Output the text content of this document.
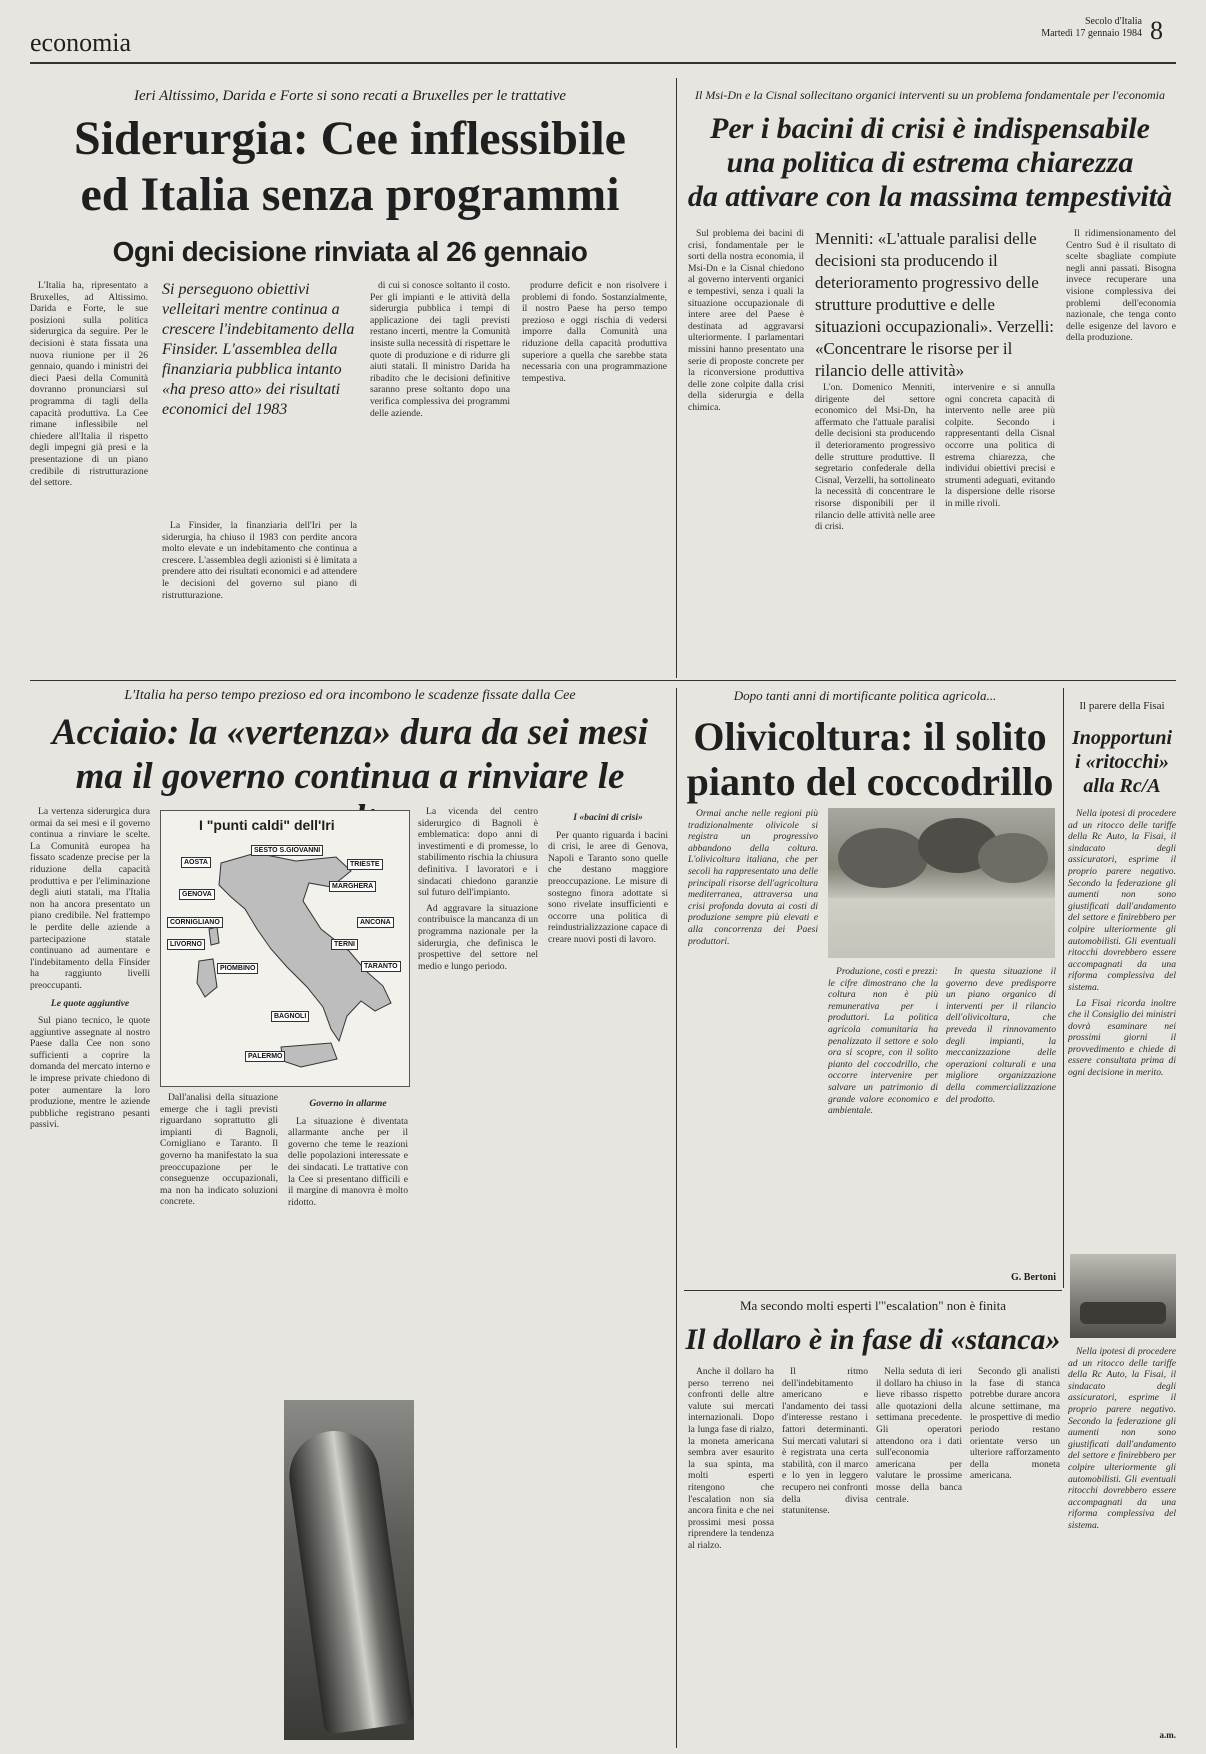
economia
Secolo d'Italia
Martedì 17 gennaio 1984 8
Ieri Altissimo, Darida e Forte si sono recati a Bruxelles per le trattative
Siderurgia: Cee inflessibile
ed Italia senza programmi
Ogni decisione rinviata al 26 gennaio

L'Italia ha, ripresentato a Bruxelles, ad Altissimo. Darida e Forte, le sue posizioni sulla politica siderurgica da seguire. Per le decisioni è stata fissata una nuova riunione per il 26 gennaio, quando i ministri dei dieci Paesi della Comunità dovranno pronunciarsi sul programma di tagli della capacità produttiva. La Cee rimane inflessibile nel chiedere all'Italia il rispetto degli impegni già presi e la presentazione di un piano credibile di ristrutturazione del settore.

Si perseguono obiettivi velleitari mentre continua a crescere l'indebitamento della Finsider. L'assemblea della finanziaria pubblica intanto «ha preso atto» dei risultati economici del 1983

La Finsider, la finanziaria dell'Iri per la siderurgia, ha chiuso il 1983 con perdite ancora molto elevate e un indebitamento che continua a crescere. L'assemblea degli azionisti si è limitata a prendere atto dei risultati economici e ad attendere le decisioni del governo sul piano di ristrutturazione.

di cui si conosce soltanto il costo. Per gli impianti e le attività della siderurgia pubblica i tempi di applicazione dei tagli previsti restano incerti, mentre la Comunità insiste sulla necessità di rispettare le quote di produzione e di ridurre gli aiuti statali. Il ministro Darida ha ribadito che le decisioni definitive saranno prese soltanto dopo una verifica complessiva dei programmi delle aziende.

produrre deficit e non risolvere i problemi di fondo. Sostanzialmente, il nostro Paese ha perso tempo prezioso e oggi rischia di vedersi imporre dalla Comunità una riduzione della capacità produttiva superiore a quella che sarebbe stata necessaria con una programmazione tempestiva.

Il Msi-Dn e la Cisnal sollecitano organici interventi su un problema fondamentale per l'economia
Per i bacini di crisi è indispensabile
una politica di estrema chiarezza
da attivare con la massima tempestività

Sul problema dei bacini di crisi, fondamentale per le sorti della nostra economia, il Msi-Dn e la Cisnal chiedono al governo interventi organici e tempestivi, senza i quali la situazione occupazionale di intere aree del Paese è destinata ad aggravarsi ulteriormente. I parlamentari missini hanno presentato una serie di proposte concrete per la riconversione produttiva delle zone colpite dalla crisi della siderurgia e della chimica.

Menniti: «L'attuale paralisi delle decisioni sta producendo il deterioramento progressivo delle strutture produttive e delle situazioni occupazionali». Verzelli: «Concentrare le risorse per il rilancio delle attività»

L'on. Domenico Menniti, dirigente del settore economico del Msi-Dn, ha affermato che l'attuale paralisi delle decisioni sta producendo il deterioramento progressivo delle strutture produttive. Il segretario confederale della Cisnal, Verzelli, ha sottolineato la necessità di concentrare le risorse disponibili per il rilancio delle attività nelle aree di crisi.

intervenire e si annulla ogni concreta capacità di intervento nelle aree più colpite. Secondo i rappresentanti della Cisnal occorre una politica di estrema chiarezza, che individui obiettivi precisi e strumenti adeguati, evitando la dispersione delle risorse in mille rivoli.

Il ridimensionamento del Centro Sud è il risultato di scelte sbagliate compiute negli anni passati. Bisogna invece recuperare una visione complessiva dei problemi dell'economia nazionale, che tenga conto delle esigenze del lavoro e della produzione.

L'Italia ha perso tempo prezioso ed ora incombono le scadenze fissate dalla Cee
Acciaio: la «vertenza» dura da sei mesi
ma il governo continua a rinviare le

La vertenza siderurgica dura ormai da sei mesi e il governo continua a rinviare le scelte. La Comunità europea ha fissato scadenze precise per la riduzione della capacità produttiva e per l'eliminazione degli aiuti statali, ma l'Italia non ha ancora presentato un piano credibile. Nel frattempo le perdite delle aziende a partecipazione statale continuano ad aumentare e l'indebitamento della Finsider ha raggiunto livelli preoccupanti.

Le quote aggiuntive

Sul piano tecnico, le quote aggiuntive assegnate al nostro Paese dalla Cee non sono sufficienti a coprire la domanda del mercato interno e le imprese private chiedono di poter aumentare la loro produzione, mentre le aziende pubbliche registrano pesanti passivi.

I "punti caldi" dell'Iri
SESTO S.GIOVANNI
TRIESTE
GENOVA
MARGHERA
BAGNOLI
TARANTO
TERNI
ANCONA
PIOMBINO
CORNIGLIANO
AOSTA
LIVORNO
PALERMO

Dall'analisi della situazione emerge che i tagli previsti riguardano soprattutto gli impianti di Bagnoli, Cornigliano e Taranto. Il governo ha manifestato la sua preoccupazione per le conseguenze occupazionali, ma non ha indicato soluzioni concrete.

Governo in allarme

La situazione è diventata allarmante anche per il governo che teme le reazioni delle popolazioni interessate e dei sindacati. Le trattative con la Cee si presentano difficili e il margine di manovra è molto ridotto.

La vicenda del centro siderurgico di Bagnoli è emblematica: dopo anni di investimenti e di promesse, lo stabilimento rischia la chiusura definitiva. I lavoratori e i sindacati chiedono garanzie sul futuro dell'impianto.

Ad aggravare la situazione contribuisce la mancanza di un programma nazionale per la siderurgia, che definisca le prospettive del settore nel medio e lungo periodo.

I «bacini di crisi»

Per quanto riguarda i bacini di crisi, le aree di Genova, Napoli e Taranto sono quelle che destano maggiore preoccupazione. Le misure di sostegno finora adottate si sono rivelate insufficienti e occorre una politica di reindustrializzazione capace di creare nuovi posti di lavoro.

Dopo tanti anni di mortificante politica agricola...
Olivicoltura: il solito
pianto del coccodrillo

Ormai anche nelle regioni più tradizionalmente olivicole si registra un progressivo abbandono della coltura. L'olivicoltura italiana, che per secoli ha rappresentato una delle principali risorse dell'agricoltura mediterranea, attraversa una crisi profonda dovuta ai costi di produzione sempre più elevati e alla concorrenza dei Paesi produttori.

Produzione, costi e prezzi: le cifre dimostrano che la coltura non è più remunerativa per i produttori. La politica agricola comunitaria ha penalizzato il settore e solo ora si scopre, con il solito pianto del coccodrillo, che occorre intervenire per salvare un patrimonio di grande valore economico e ambientale.

In questa situazione il governo deve predisporre un piano organico di interventi per il rilancio dell'olivicoltura, che preveda il rinnovamento degli impianti, la meccanizzazione delle operazioni colturali e una migliore organizzazione della commercializzazione del prodotto.

G. Bertoni
Il parere della Fisai
Inopportuni
i «ritocchi»
alla Rc/A

Nella ipotesi di procedere ad un ritocco delle tariffe della Rc Auto, la Fisai, il sindacato degli assicuratori, esprime il proprio parere negativo. Secondo la federazione gli aumenti non sono giustificati dall'andamento del settore e finirebbero per colpire ulteriormente gli automobilisti. Gli eventuali ritocchi dovrebbero essere accompagnati da una riforma complessiva del sistema.

La Fisai ricorda inoltre che il Consiglio dei ministri dovrà esaminare nei prossimi giorni il provvedimento e chiede di essere consultata prima di ogni decisione in merito.

Nella ipotesi di procedere ad un ritocco delle tariffe della Rc Auto, la Fisai, il sindacato degli assicuratori, esprime il proprio parere negativo. Secondo la federazione gli aumenti non sono giustificati dall'andamento del settore e finirebbero per colpire ulteriormente gli automobilisti. Gli eventuali ritocchi dovrebbero essere accompagnati da una riforma complessiva del sistema.

a.m.
Ma secondo molti esperti l'"escalation" non è finita
Il dollaro è in fase di «stanca»

Anche il dollaro ha perso terreno nei confronti delle altre valute sui mercati internazionali. Dopo la lunga fase di rialzo, la moneta americana sembra aver esaurito la sua spinta, ma molti esperti ritengono che l'escalation non sia ancora finita e che nei prossimi mesi possa riprendere la tendenza al rialzo.

Il ritmo dell'indebitamento americano e l'andamento dei tassi d'interesse restano i fattori determinanti. Sui mercati valutari si è registrata una certa stabilità, con il marco e lo yen in leggero recupero nei confronti della divisa statunitense.

Nella seduta di ieri il dollaro ha chiuso in lieve ribasso rispetto alle quotazioni della settimana precedente. Gli operatori attendono ora i dati sull'economia americana per valutare le prossime mosse della banca centrale.

Secondo gli analisti la fase di stanca potrebbe durare ancora alcune settimane, ma le prospettive di medio periodo restano orientate verso un ulteriore rafforzamento della moneta americana.
